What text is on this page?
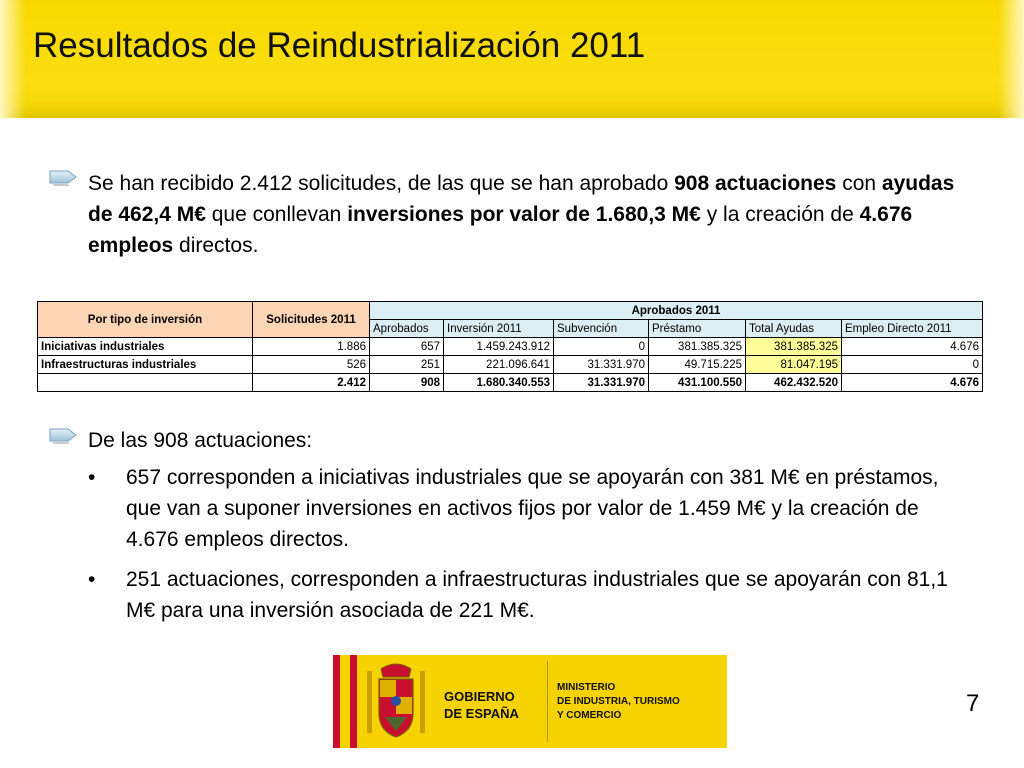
Resultados de Reindustrialización 2011

Se han recibido 2.412 solicitudes, de las que se han aprobado 908 actuaciones con ayudas de 462,4 M€ que conllevan inversiones por valor de 1.680,3 M€ y la creación de 4.676 empleos directos.

Por tipo de inversión	Solicitudes 2011	Aprobados 2011					
		Aprobados	Inversión 2011	Subvención	Préstamo	Total Ayudas	Empleo Directo 2011
Iniciativas industriales	1.886	657	1.459.243.912	0	381.385.325	381.385.325	4.676
Infraestructuras industriales	526	251	221.096.641	31.331.970	49.715.225	81.047.195	0
	2.412	908	1.680.340.553	31.331.970	431.100.550	462.432.520	4.676

De las 908 actuaciones:

• 657 corresponden a iniciativas industriales que se apoyarán con 381 M€ en préstamos, que van a suponer inversiones en activos fijos por valor de 1.459 M€ y la creación de 4.676 empleos directos.

• 251 actuaciones, corresponden a infraestructuras industriales que se apoyarán con 81,1 M€ para una inversión asociada de 221 M€.

GOBIERNO
DE ESPAÑA
MINISTERIO
DE INDUSTRIA, TURISMO
Y COMERCIO	7
